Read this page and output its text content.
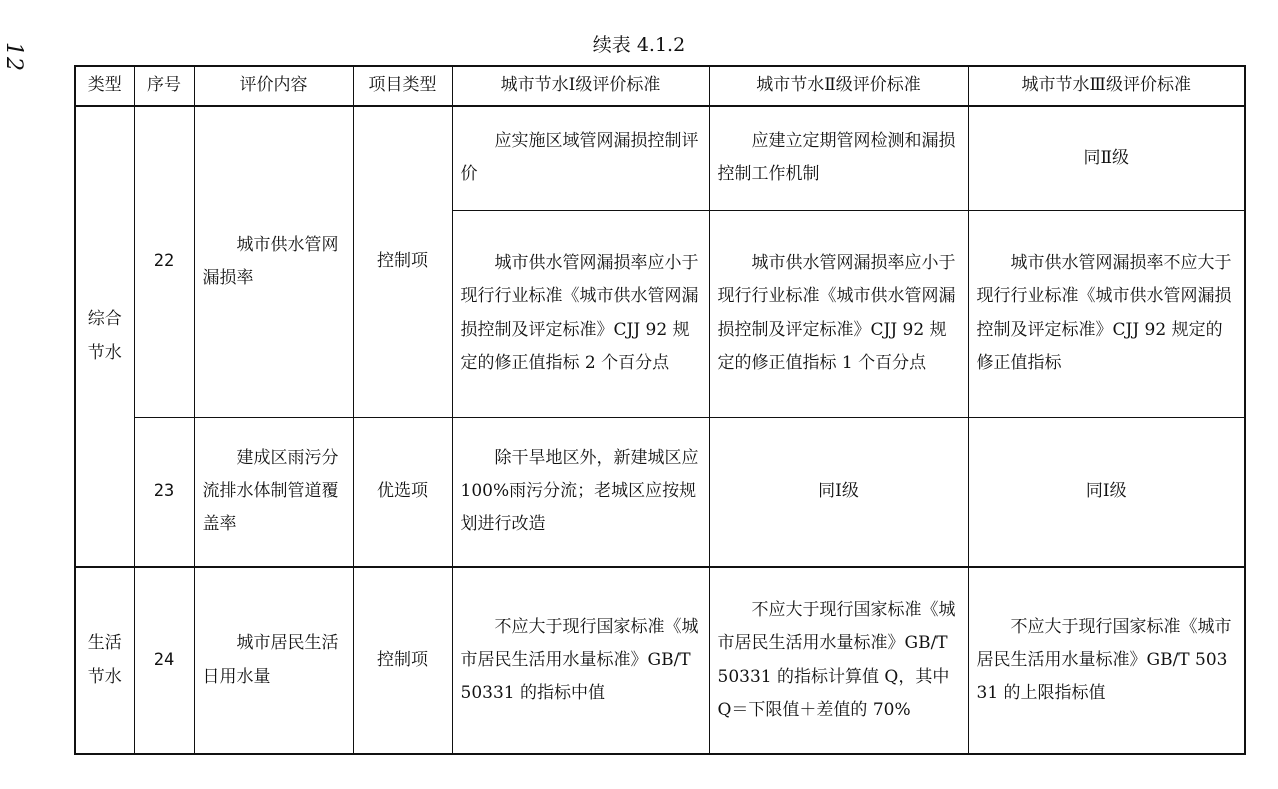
12	续表 4.1.2
类型	序号	评价内容	项目类型	城市节水Ⅰ级评价标准	城市节水Ⅱ级评价标准	城市节水Ⅲ级评价标准
综合
节水	22	城市供水管网漏损率	控制项	应实施区域管网漏损控制评价	应建立定期管网检测和漏损控制工作机制	同Ⅱ级
				城市供水管网漏损率应小于现行行业标准《城市供水管网漏损控制及评定标准》CJJ 92 规定的修正值指标 2 个百分点	城市供水管网漏损率应小于现行行业标准《城市供水管网漏损控制及评定标准》CJJ 92 规定的修正值指标 1 个百分点	城市供水管网漏损率不应大于现行行业标准《城市供水管网漏损控制及评定标准》CJJ 92 规定的修正值指标
	23	建成区雨污分流排水体制管道覆盖率	优选项	除干旱地区外，新建城区应 100%雨污分流；老城区应按规划进行改造	同Ⅰ级	同Ⅰ级
生活
节水	24	城市居民生活日用水量	控制项	不应大于现行国家标准《城市居民生活用水量标准》GB/T 50331 的指标中值	不应大于现行国家标准《城市居民生活用水量标准》GB/T 50331 的指标计算值 Q，其中 Q＝下限值＋差值的 70%	不应大于现行国家标准《城市居民生活用水量标准》GB/T 50331 的上限指标值
